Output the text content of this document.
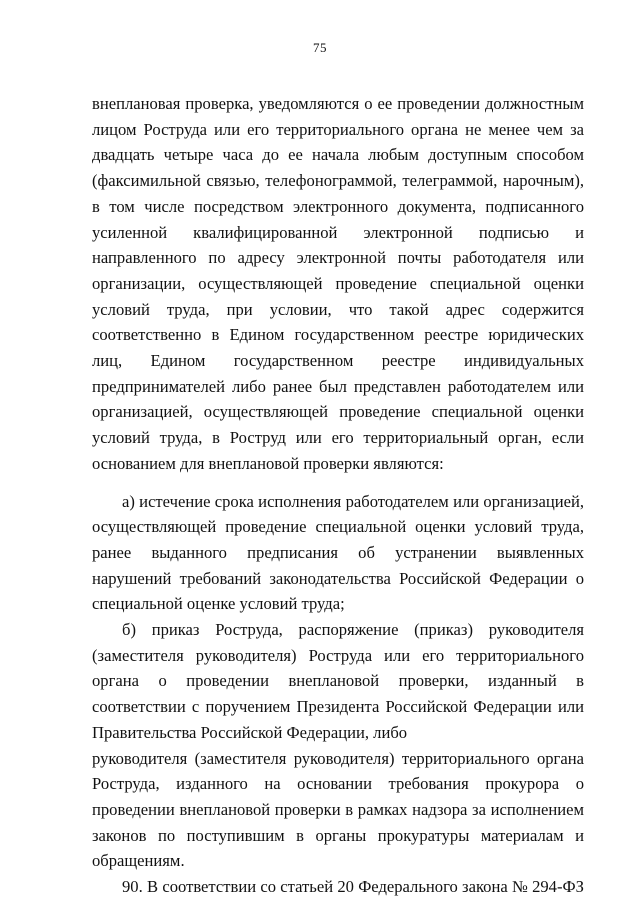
75

внеплановая проверка, уведомляются о ее проведении должностным лицом Роструда или его территориального органа не менее чем за двадцать четыре часа до ее начала любым доступным способом (факсимильной связью, телефонограммой, телеграммой, нарочным), в том числе посредством электронного документа, подписанного усиленной квалифицированной электронной подписью и направленного по адресу электронной почты работодателя или организации, осуществляющей проведение специальной оценки условий труда, при условии, что такой адрес содержится соответственно в Едином государственном реестре юридических лиц, Едином государственном реестре индивидуальных предпринимателей либо ранее был представлен работодателем или организацией, осуществляющей проведение специальной оценки условий труда, в Роструд или его территориальный орган, если основанием для внеплановой проверки являются:

а) истечение срока исполнения работодателем или организацией, осуществляющей проведение специальной оценки условий труда, ранее выданного предписания об устранении выявленных нарушений требований законодательства Российской Федерации о специальной оценке условий труда;

б) приказ Роструда, распоряжение (приказ) руководителя (заместителя руководителя) Роструда или его территориального органа о проведении внеплановой проверки, изданный в соответствии с поручением Президента Российской Федерации или Правительства Российской Федерации, либо

руководителя (заместителя руководителя) территориального органа

Роструда, изданного на основании требования прокурора о проведении внеплановой проверки в рамках надзора за исполнением законов по поступившим в органы прокуратуры материалам и обращениям.

90. В соответствии со статьей 20 Федерального закона № 294-ФЗ
